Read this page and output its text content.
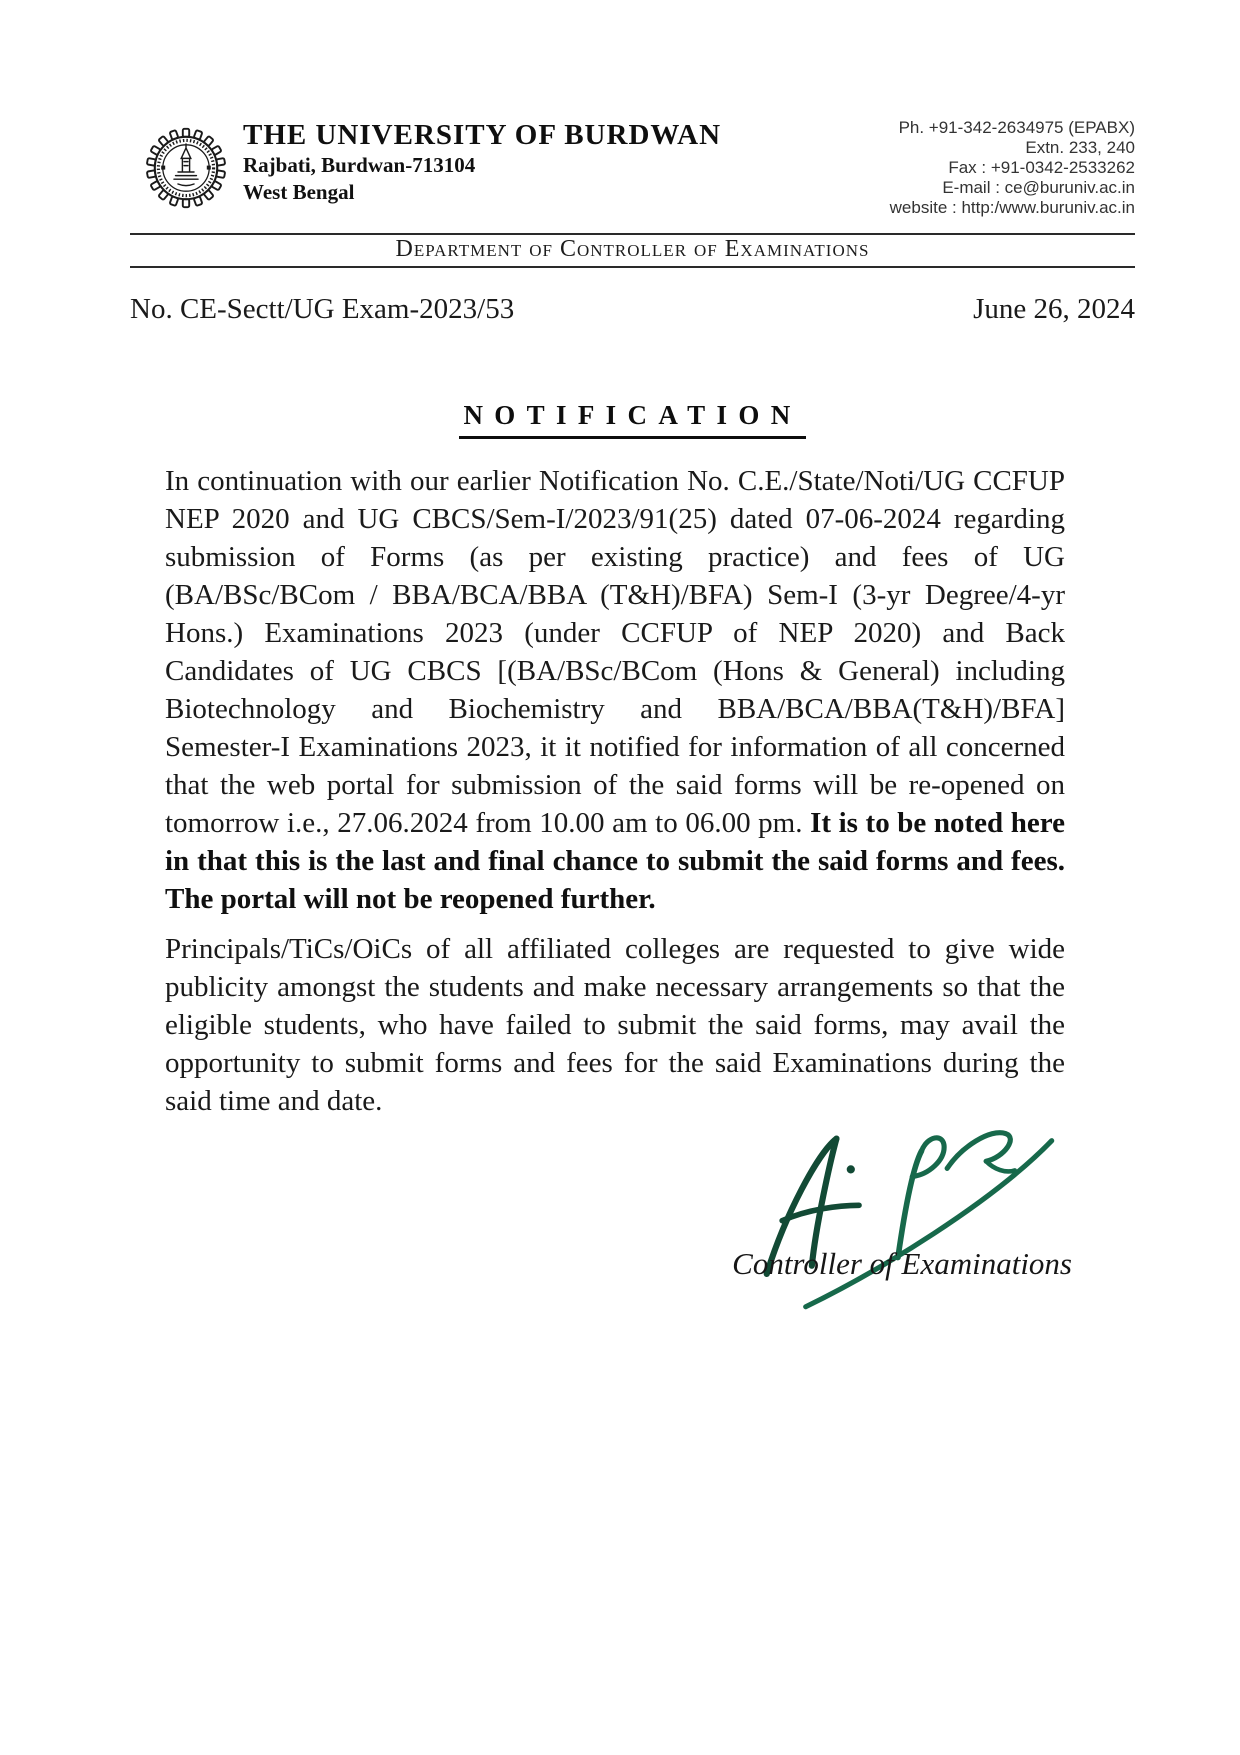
THE UNIVERSITY OF BURDWAN
Rajbati, Burdwan-713104
West Bengal
Ph. +91-342-2634975 (EPABX)
Extn. 233, 240
Fax : +91-0342-2533262
E-mail : ce@buruniv.ac.in
website : http:/www.buruniv.ac.in
Department of Controller of Examinations
No. CE-Sectt/UG Exam-2023/53	June 26, 2024
NOTIFICATION

In continuation with our earlier Notification No. C.E./State/Noti/UG CCFUP NEP 2020 and UG CBCS/Sem-I/2023/91(25) dated 07-06-2024 regarding submission of Forms (as per existing practice) and fees of UG (BA/BSc/BCom / BBA/BCA/BBA (T&H)/BFA) Sem-I (3-yr Degree/4-yr Hons.) Examinations 2023 (under CCFUP of NEP 2020) and Back Candidates of UG CBCS [(BA/BSc/BCom (Hons & General) including Biotechnology and Biochemistry and BBA/BCA/BBA(T&H)/BFA] Semester-I Examinations 2023, it it notified for information of all concerned that the web portal for submission of the said forms will be re-opened on tomorrow i.e., 27.06.2024 from 10.00 am to 06.00 pm. It is to be noted here in that this is the last and final chance to submit the said forms and fees. The portal will not be reopened further.

Principals/TiCs/OiCs of all affiliated colleges are requested to give wide publicity amongst the students and make necessary arrangements so that the eligible students, who have failed to submit the said forms, may avail the opportunity to submit forms and fees for the said Examinations during the said time and date.

Controller of Examinations
